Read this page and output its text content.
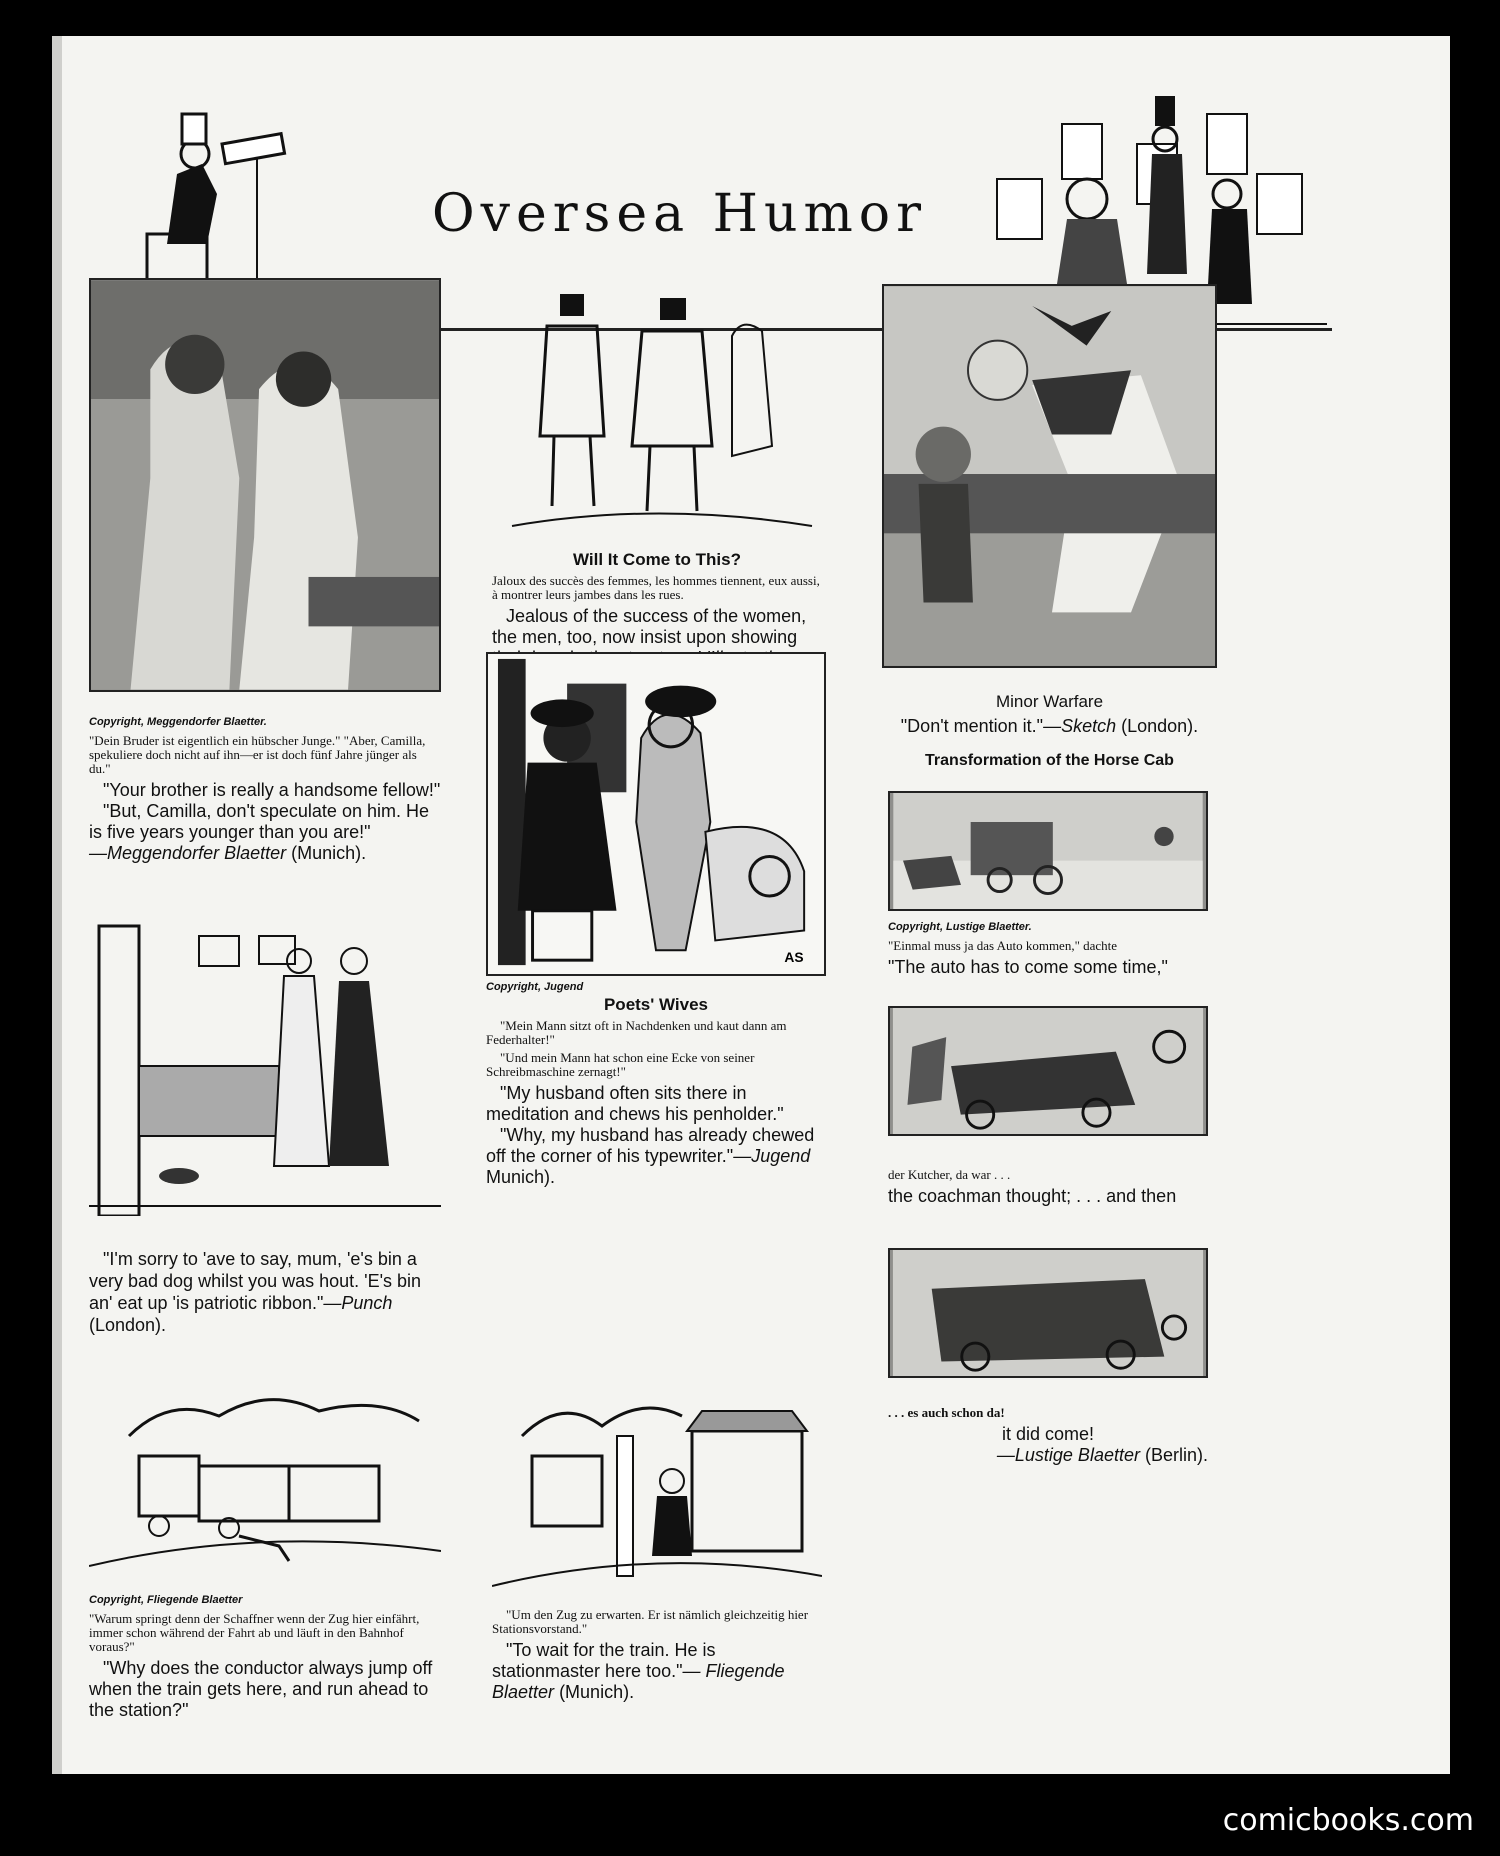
Oversea Humor

Copyright, Meggendorfer Blaetter.

"Dein Bruder ist eigentlich ein hübscher Junge." "Aber, Camilla, spekuliere doch nicht auf ihn—er ist doch fünf Jahre jünger als du."

"Your brother is really a handsome fellow!"

"But, Camilla, don't speculate on him. He is five years younger than you are!"

—Meggendorfer Blaetter (Munich).

"I'm sorry to 'ave to say, mum, 'e's bin a very bad dog whilst you was hout. 'E's bin an' eat up 'is patriotic ribbon."—Punch (London).

Copyright, Fliegende Blaetter

"Warum springt denn der Schaffner wenn der Zug hier einfährt, immer schon während der Fahrt ab und läuft in den Bahnhof voraus?"

"Why does the conductor always jump off when the train gets here, and run ahead to the station?"

Will It Come to This?

Jaloux des succès des femmes, les hommes tiennent, eux aussi, à montrer leurs jambes dans les rues.

Jealous of the success of the women, the men, too, now insist upon showing

AS

Copyright, Jugend

Poets' Wives

"Mein Mann sitzt oft in Nachdenken und kaut dann am Federhalter!"

"Und mein Mann hat schon eine Ecke von seiner Schreibmaschine zernagt!"

"My husband often sits there in meditation and chews his penholder."

"Why, my husband has already chewed off the corner of his typewriter."—Jugend Munich).

"Um den Zug zu erwarten. Er ist nämlich gleichzeitig hier Stationsvorstand."

"To wait for the train. He is stationmaster here too."— Fliegende Blaetter (Munich).

Minor Warfare

"Don't mention it."—Sketch (London).

Transformation of the Horse Cab

Copyright, Lustige Blaetter.

"Einmal muss ja das Auto kommen," dachte

"The auto has to come some time,"

der Kutcher, da war . . .

the coachman thought; . . . and then

. . . es auch schon da!

it did come!

—Lustige Blaetter (Berlin).

comicbooks.com
